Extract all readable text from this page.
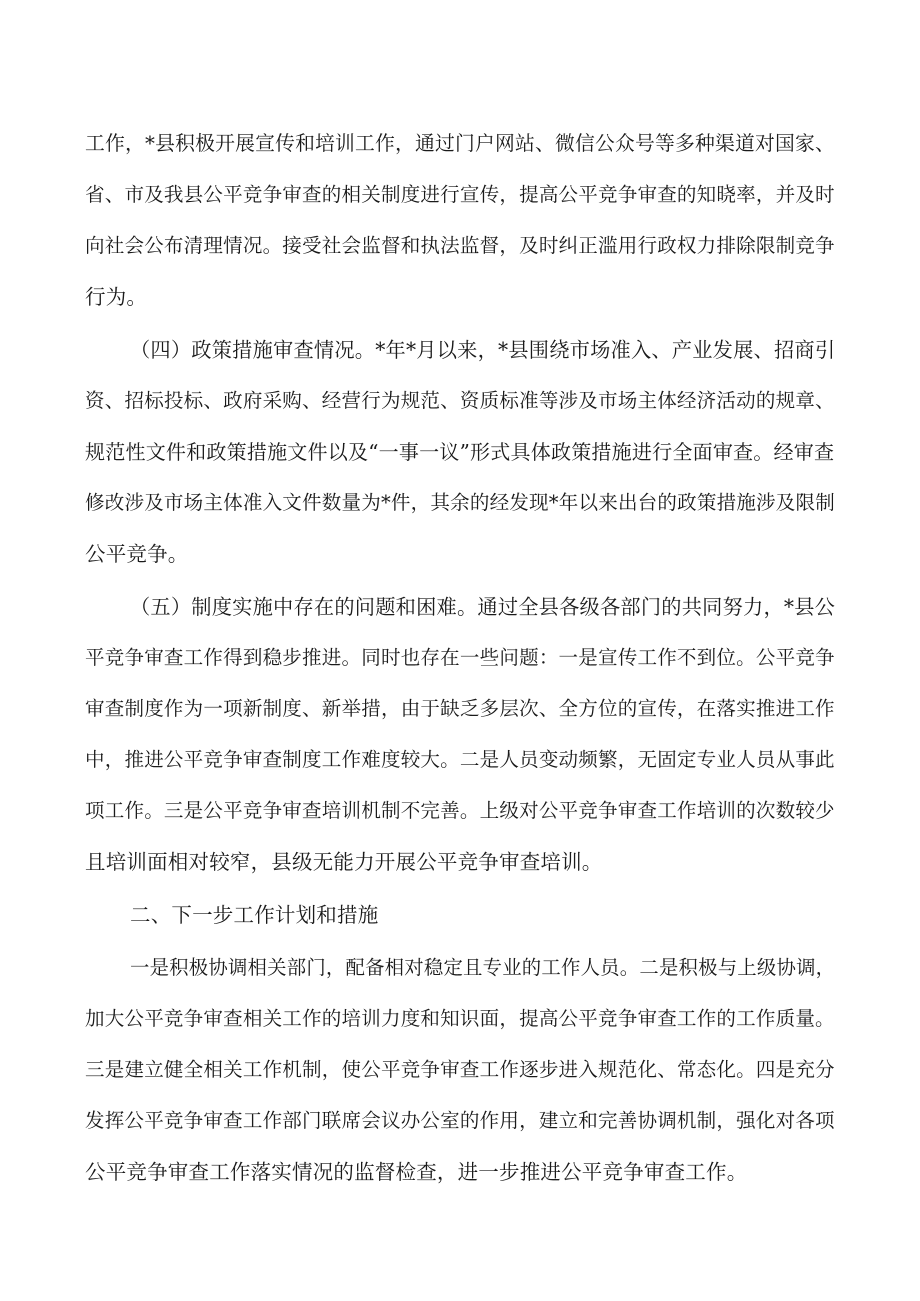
工作，*县积极开展宣传和培训工作，通过门户网站、微信公众号等多种渠道对国家、
省、市及我县公平竞争审查的相关制度进行宣传，提高公平竞争审查的知晓率，并及时
向社会公布清理情况。接受社会监督和执法监督，及时纠正滥用行政权力排除限制竞争
行为。
（四）政策措施审查情况。*年*月以来，*县围绕市场准入、产业发展、招商引
资、招标投标、政府采购、经营行为规范、资质标准等涉及市场主体经济活动的规章、
规范性文件和政策措施文件以及“一事一议”形式具体政策措施进行全面审查。经审查
修改涉及市场主体准入文件数量为*件，其余的经发现*年以来出台的政策措施涉及限制
公平竞争。
（五）制度实施中存在的问题和困难。通过全县各级各部门的共同努力，*县公
平竞争审查工作得到稳步推进。同时也存在一些问题：一是宣传工作不到位。公平竞争
审查制度作为一项新制度、新举措，由于缺乏多层次、全方位的宣传，在落实推进工作
中，推进公平竞争审查制度工作难度较大。二是人员变动频繁，无固定专业人员从事此
项工作。三是公平竞争审查培训机制不完善。上级对公平竞争审查工作培训的次数较少
且培训面相对较窄，县级无能力开展公平竞争审查培训。
二、下一步工作计划和措施
一是积极协调相关部门，配备相对稳定且专业的工作人员。二是积极与上级协调，
加大公平竞争审查相关工作的培训力度和知识面，提高公平竞争审查工作的工作质量。
三是建立健全相关工作机制，使公平竞争审查工作逐步进入规范化、常态化。四是充分
发挥公平竞争审查工作部门联席会议办公室的作用，建立和完善协调机制，强化对各项
公平竞争审查工作落实情况的监督检查，进一步推进公平竞争审查工作。
